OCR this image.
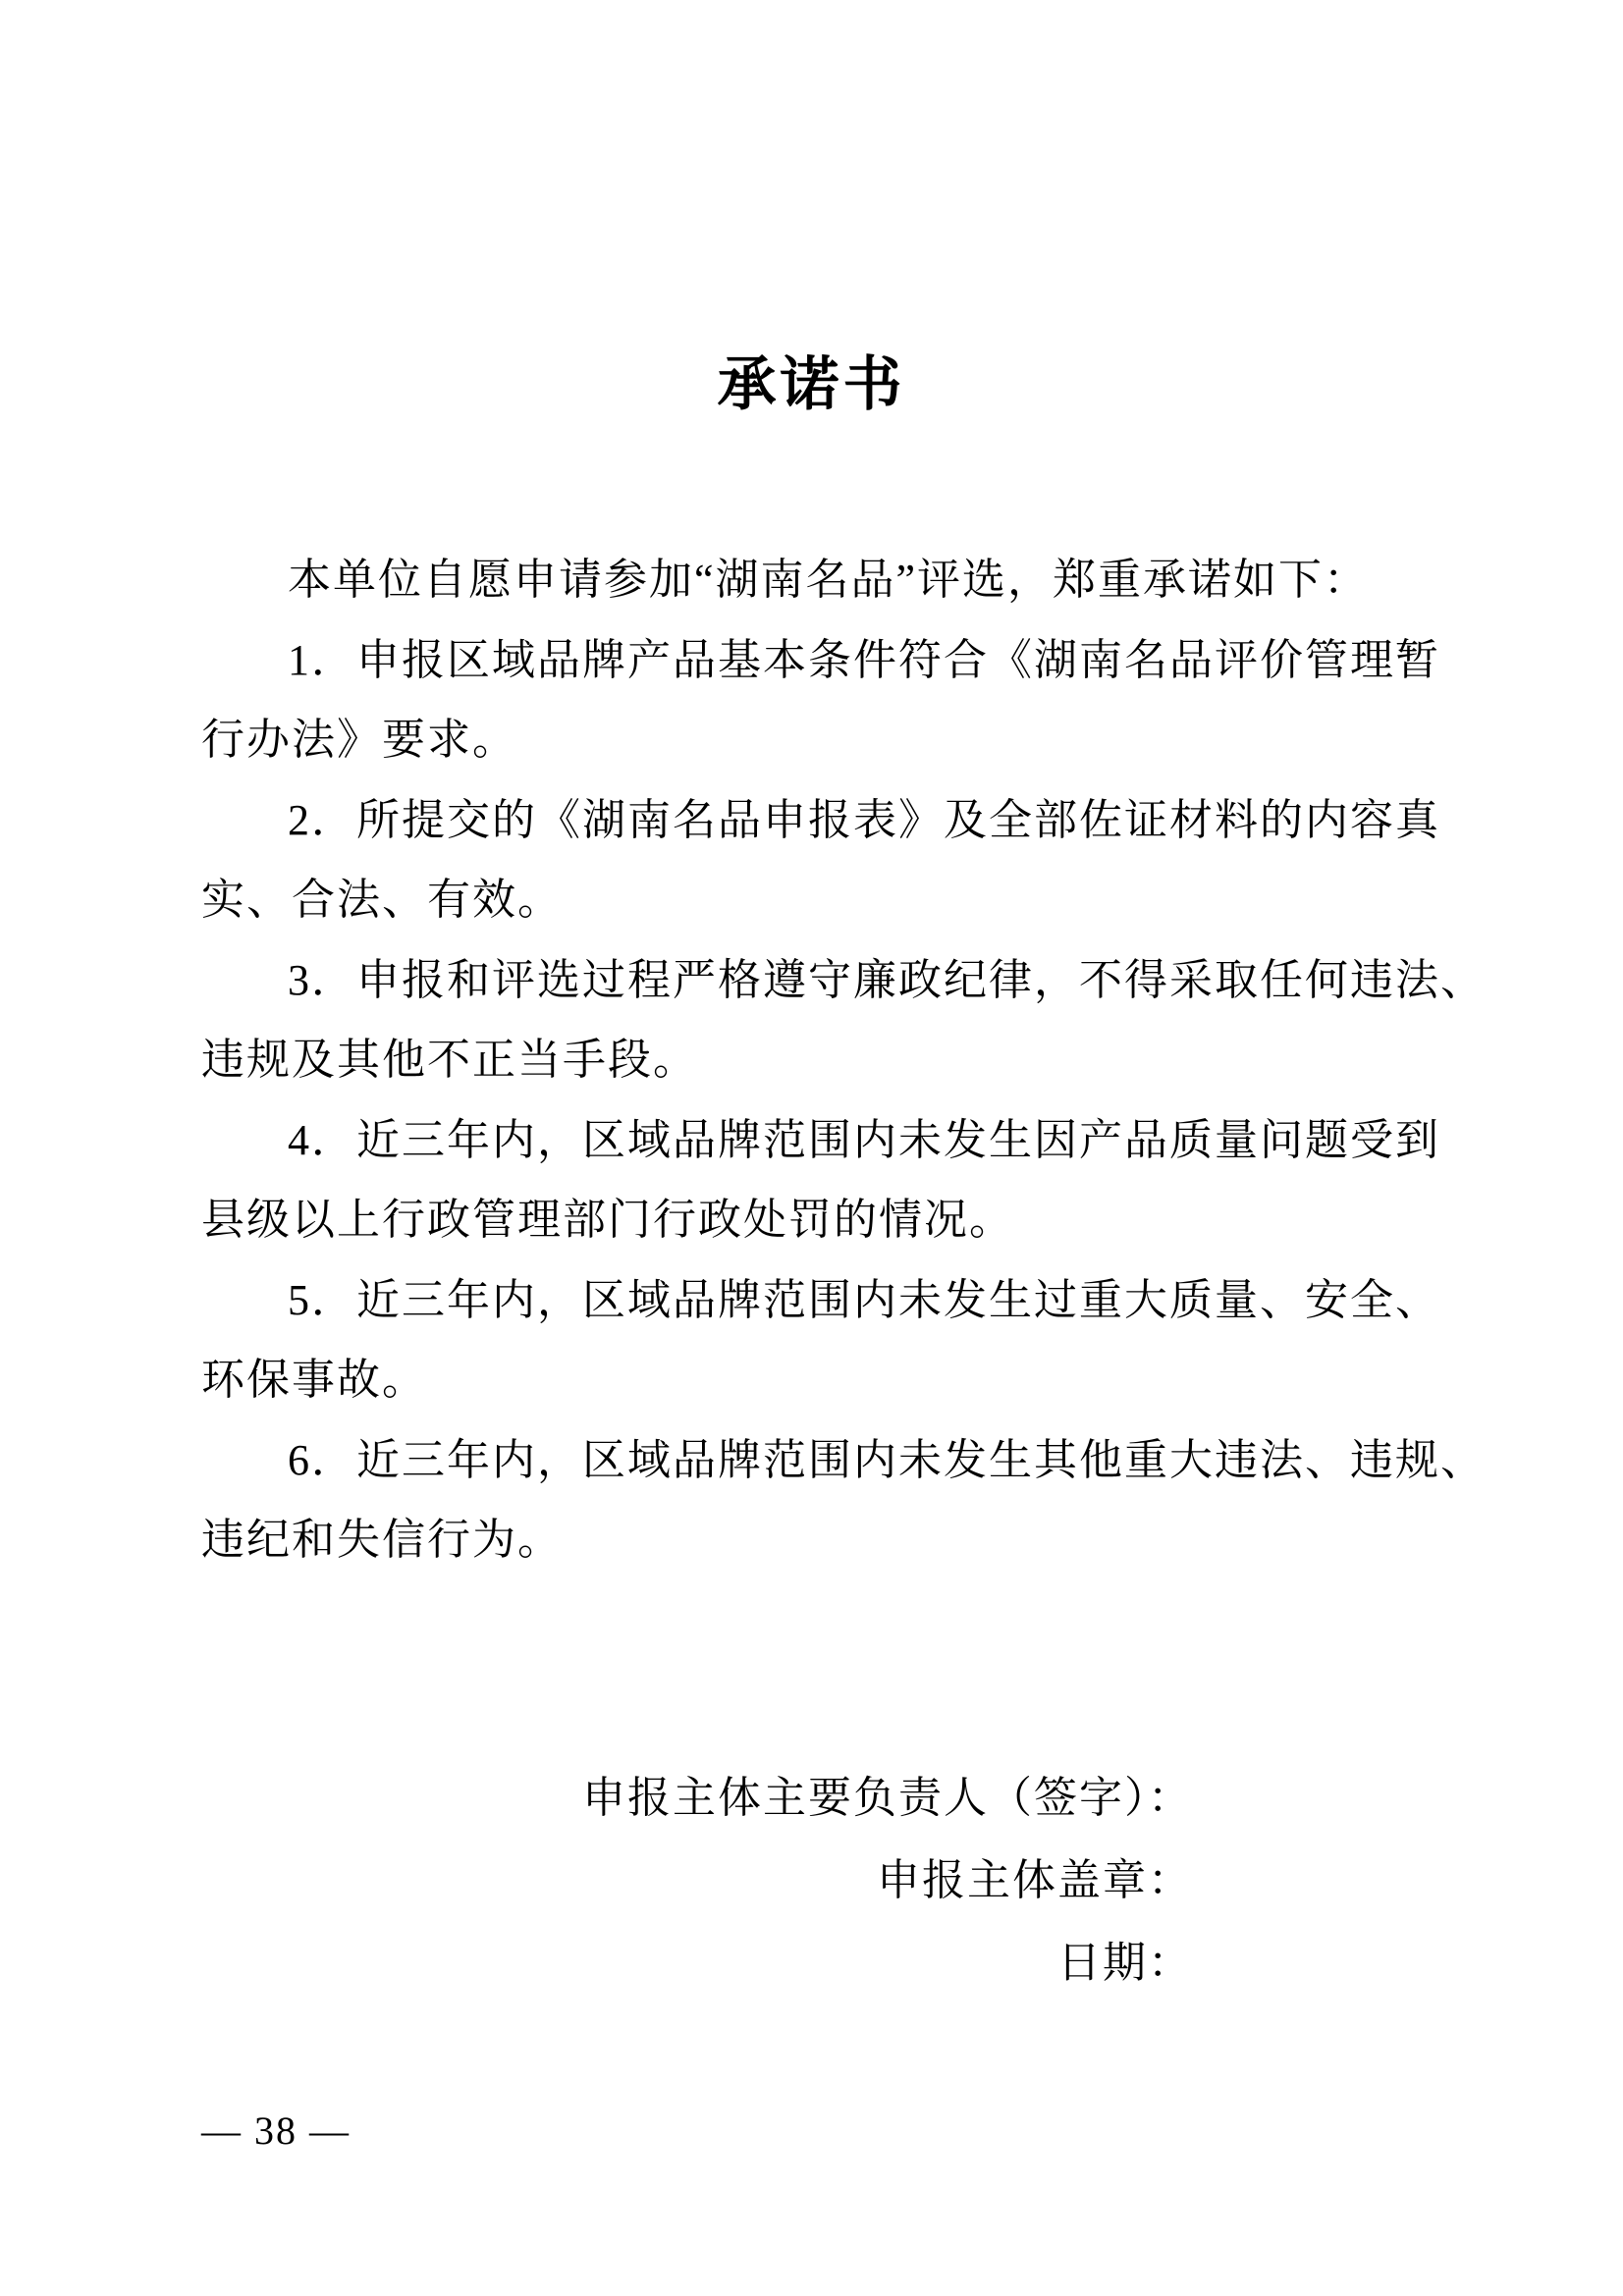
承诺书
本单位自愿申请参加“湖南名品”评选，郑重承诺如下：
1．申报区域品牌产品基本条件符合《湖南名品评价管理暂
行办法》要求。
2．所提交的《湖南名品申报表》及全部佐证材料的内容真
实、合法、有效。
3．申报和评选过程严格遵守廉政纪律，不得采取任何违法、
违规及其他不正当手段。
4．近三年内，区域品牌范围内未发生因产品质量问题受到
县级以上行政管理部门行政处罚的情况。
5．近三年内，区域品牌范围内未发生过重大质量、安全、
环保事故。
6．近三年内，区域品牌范围内未发生其他重大违法、违规、
违纪和失信行为。
申报主体主要负责人（签字）：
申报主体盖章：
日期：
— 38 —
